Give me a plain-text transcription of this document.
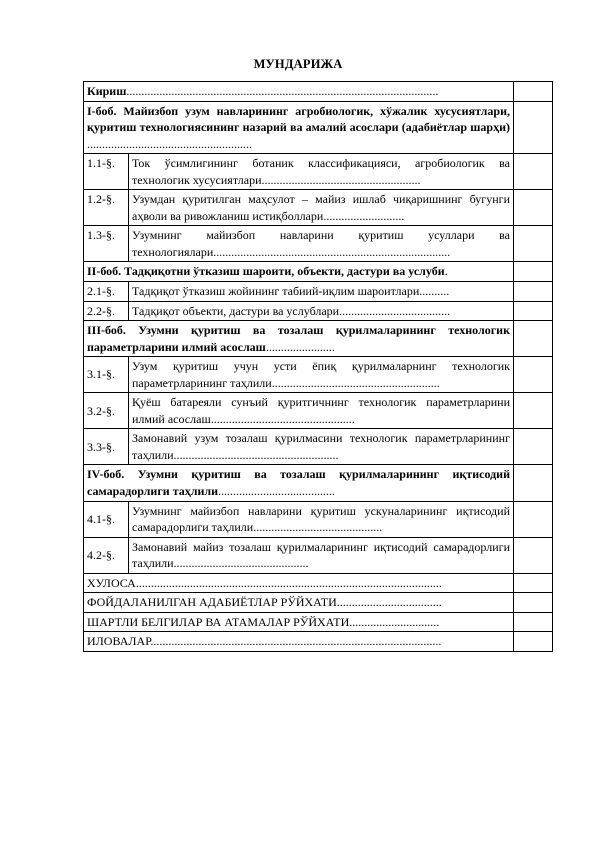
МУНДАРИЖА
Кириш........................................................................................................		
I-боб. Майизбоп узум навларининг агробиологик, хўжалик хусусиятлари, қуритиш технологиясининг назарий ва амалий асослари (адабиётлар шарҳи) .......................................................		
1.1-§.	Ток ўсимлигининг ботаник классификацияси, агробиологик ва технологик хусусиятлари.....................................................	
1.2-§.	Узумдан қуритилган маҳсулот – майиз ишлаб чиқаришнинг бугунги аҳволи ва ривожланиш истиқболлари...........................	
1.3-§.	Узумнинг майизбоп навларини қуритиш усуллари ва технологиялари...............................................................................	
II-боб. Тадқиқотни ўтказиш шароити, объекти, дастури ва услуби.		
2.1-§.	Тадқиқот ўтказиш жойининг табиий-иқлим шароитлари..........	
2.2-§.	Тадқиқот объекти, дастури ва услублари.....................................	
III-боб. Узумни қуритиш ва тозалаш қурилмаларининг технологик параметрларини илмий асослаш.......................		
3.1-§.	Узум қуритиш учун усти ёпиқ қурилмаларнинг технологик параметрларининг таҳлили........................................................	
3.2-§.	Қуёш батареяли сунъий қуритгичнинг технологик параметрларини илмий асослаш................................................	
3.3-§.	Замонавий узум тозалаш қурилмасини технологик параметрларининг таҳлили.......................................................	
IV-боб. Узумни қуритиш ва тозалаш қурилмаларининг иқтисодий самарадорлиги таҳлили.......................................		
4.1-§.	Узумнинг майизбоп навларини қуритиш ускуналарининг иқтисодий самарадорлиги таҳлили...........................................	
4.2-§.	Замонавий майиз тозалаш қурилмаларининг иқтисодий самарадорлиги таҳлили.............................................	
ХУЛОСА......................................................................................................		
ФОЙДАЛАНИЛГАН АДАБИЁТЛАР РЎЙХАТИ...................................		
ШАРТЛИ БЕЛГИЛАР ВА АТАМАЛАР РЎЙХАТИ..............................		
ИЛОВАЛАР.................................................................................................		
